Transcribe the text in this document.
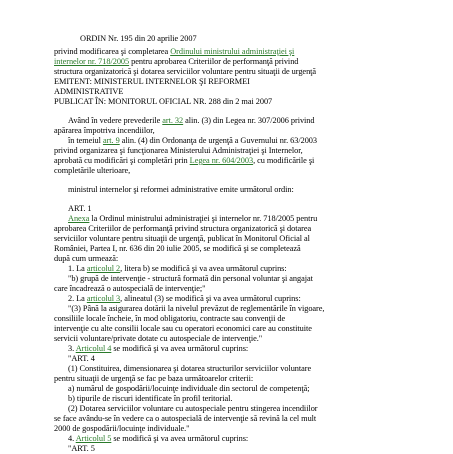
ORDIN Nr. 195 din 20 aprilie 2007
privind modificarea şi completarea Ordinului ministrului administraţiei şi
internelor nr. 718/2005 pentru aprobarea Criteriilor de performanţă privind
structura organizatorică şi dotarea serviciilor voluntare pentru situaţii de urgenţă
EMITENT: MINISTERUL INTERNELOR ŞI REFORMEI
ADMINISTRATIVE
PUBLICAT ÎN: MONITORUL OFICIAL NR. 288 din 2 mai 2007
Având în vedere prevederile art. 32 alin. (3) din Legea nr. 307/2006 privind
apărarea împotriva incendiilor,
în temeiul art. 9 alin. (4) din Ordonanţa de urgenţă a Guvernului nr. 63/2003
privind organizarea şi funcţionarea Ministerului Administraţiei şi Internelor,
aprobată cu modificări şi completări prin Legea nr. 604/2003, cu modificările şi
completările ulterioare,
ministrul internelor şi reformei administrative emite următorul ordin:
ART. 1
Anexa la Ordinul ministrului administraţiei şi internelor nr. 718/2005 pentru
aprobarea Criteriilor de performanţă privind structura organizatorică şi dotarea
serviciilor voluntare pentru situaţii de urgenţă, publicat în Monitorul Oficial al
României, Partea I, nr. 636 din 20 iulie 2005, se modifică şi se completează
după cum urmează:
1. La articolul 2, litera b) se modifică şi va avea următorul cuprins:
"b) grupă de intervenţie - structură formată din personal voluntar şi angajat
care încadrează o autospecială de intervenţie;"
2. La articolul 3, alineatul (3) se modifică şi va avea următorul cuprins:
"(3) Până la asigurarea dotării la nivelul prevăzut de reglementările în vigoare,
consiliile locale încheie, în mod obligatoriu, contracte sau convenţii de
intervenţie cu alte consilii locale sau cu operatori economici care au constituite
servicii voluntare/private dotate cu autospeciale de intervenţie."
3. Articolul 4 se modifică şi va avea următorul cuprins:
"ART. 4
(1) Constituirea, dimensionarea şi dotarea structurilor serviciilor voluntare
pentru situaţii de urgenţă se fac pe baza următoarelor criterii:
a) numărul de gospodării/locuinţe individuale din sectorul de competenţă;
b) tipurile de riscuri identificate în profil teritorial.
(2) Dotarea serviciilor voluntare cu autospeciale pentru stingerea incendiilor
se face avându-se în vedere ca o autospecială de intervenţie să revină la cel mult
2000 de gospodării/locuinţe individuale."
4. Articolul 5 se modifică şi va avea următorul cuprins:
"ART. 5
